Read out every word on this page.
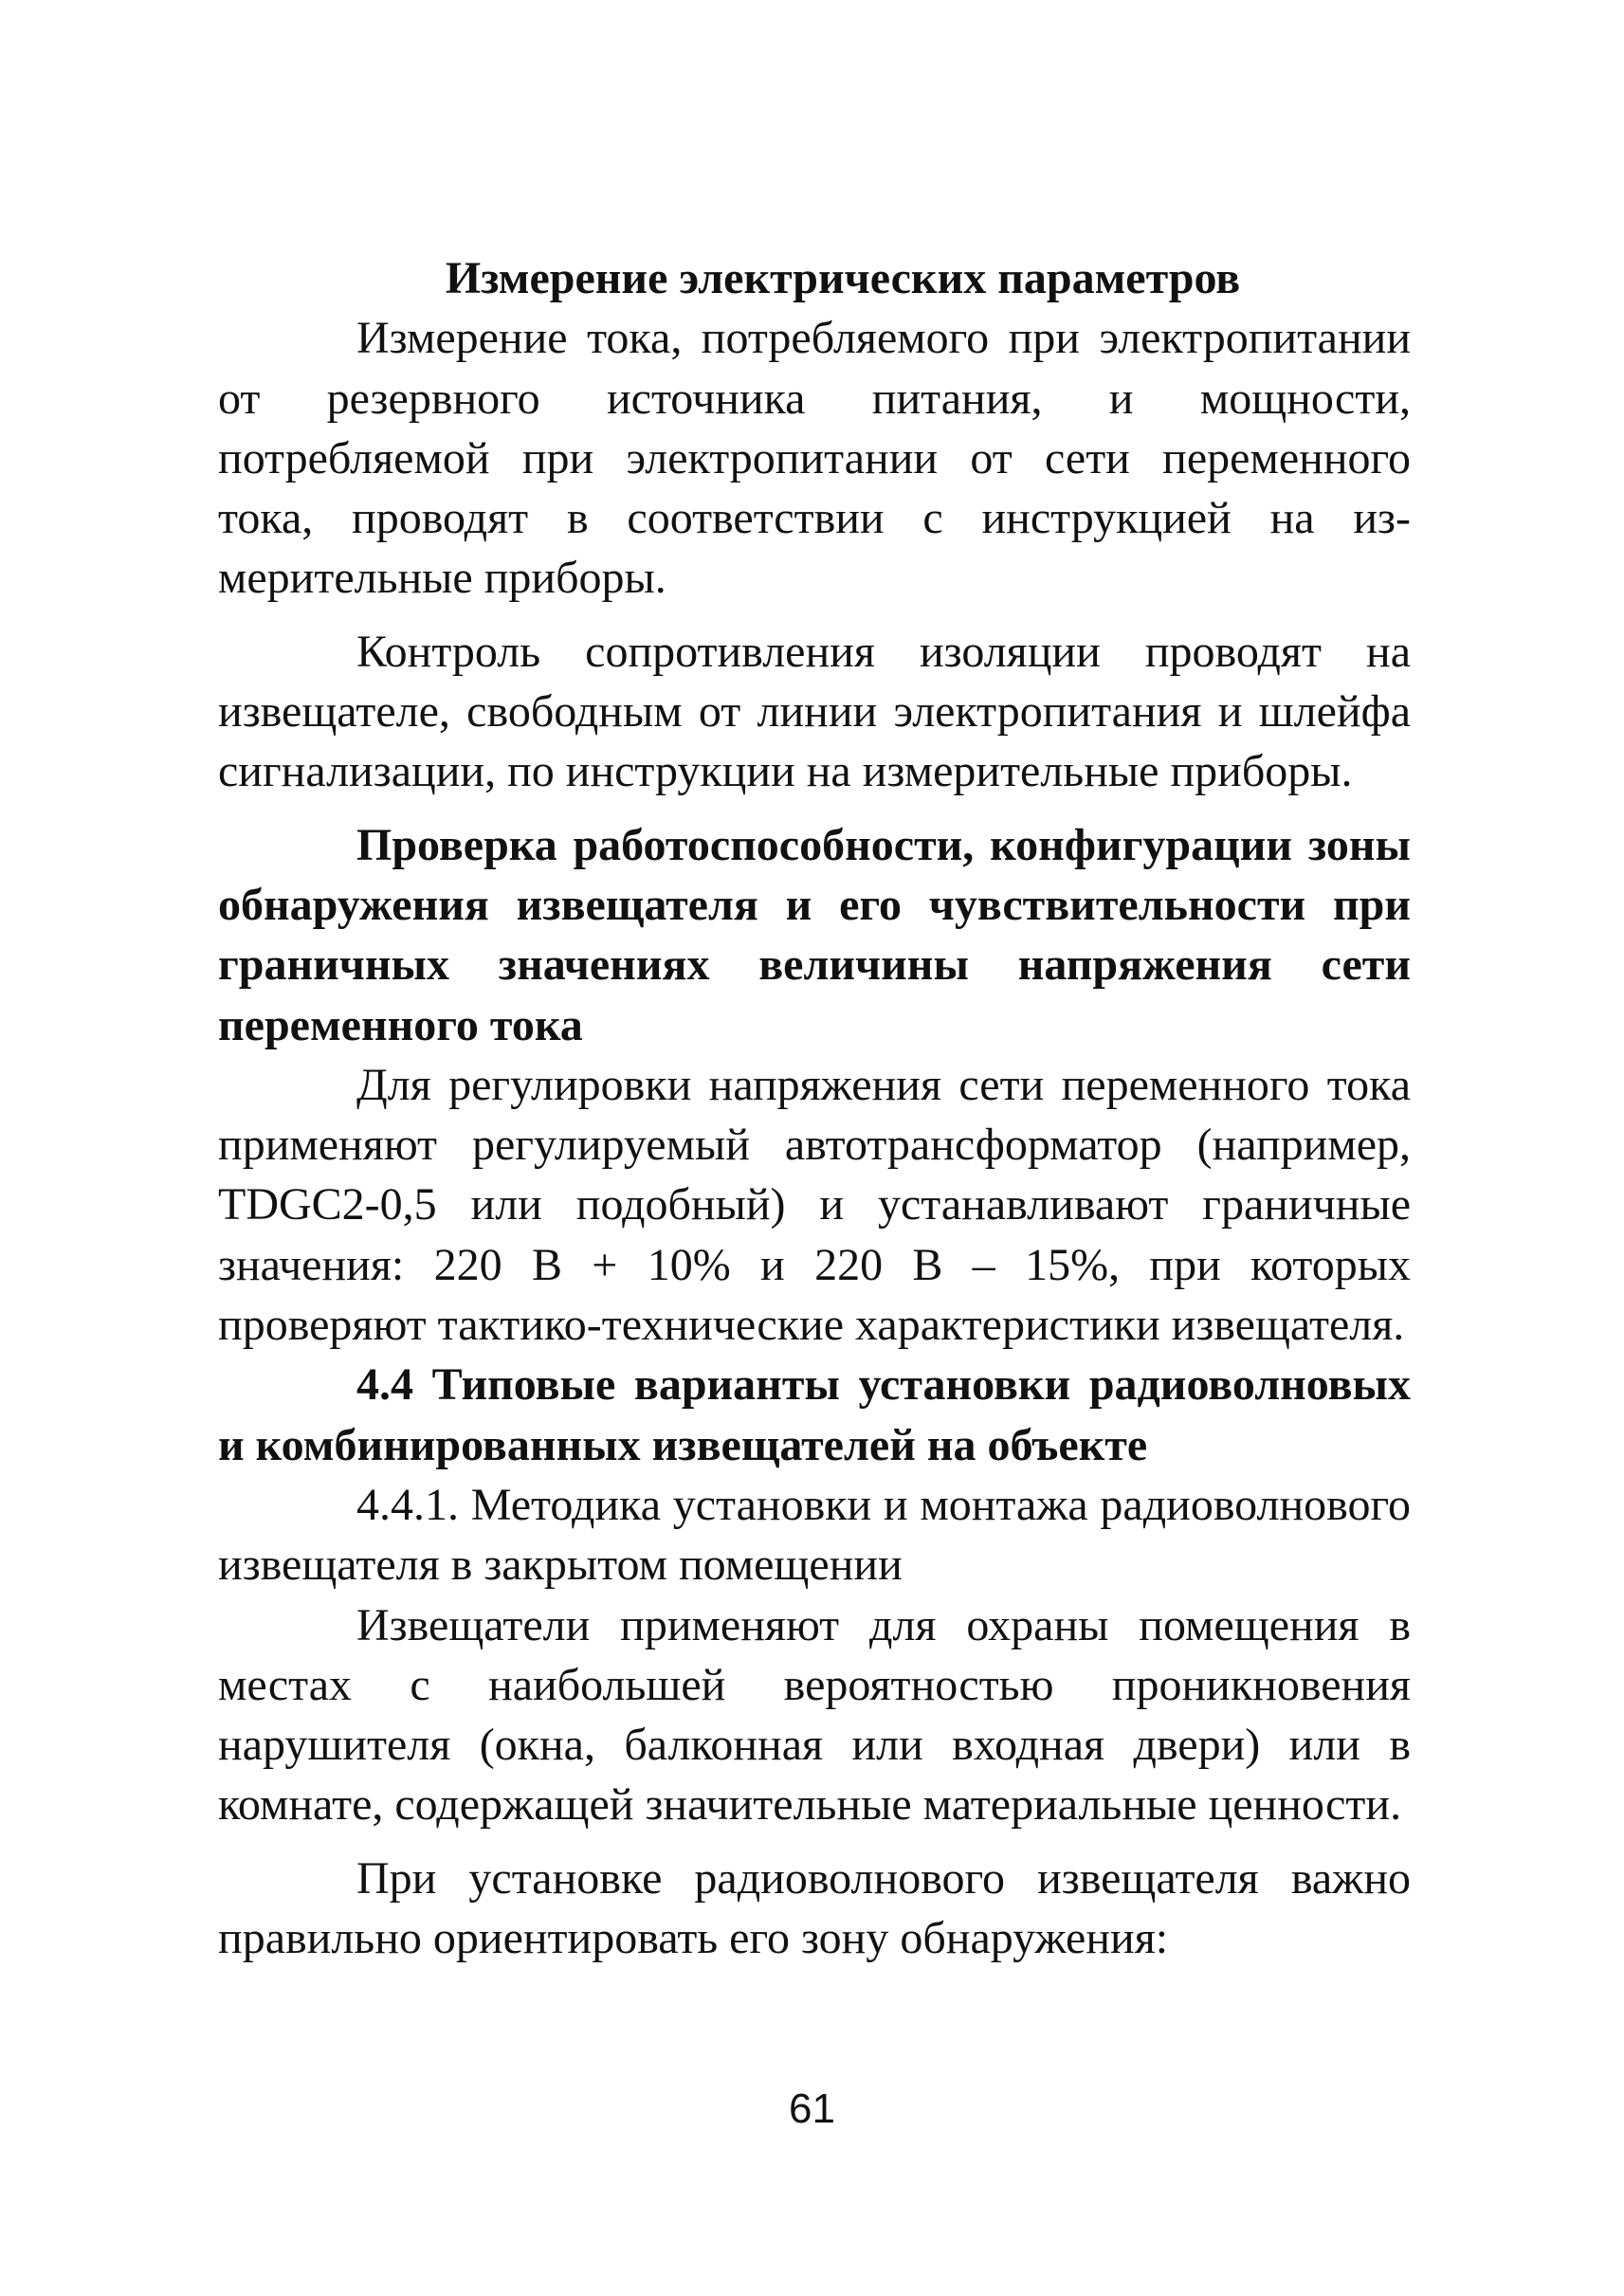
Измерение электрических параметров

Измерение тока, потребляемого при электропитании от резервного источника питания, и мощности, потребляемой при электропитании от сети переменного тока, проводят в соответствии с инструкцией на измерительные приборы.

Контроль сопротивления изоляции проводят на извещателе, свободным от линии электропитания и шлейфа сигнализации, по инструкции на измерительные приборы.

Проверка работоспособности, конфигурации зоны обнаружения извещателя и его чувствительности при граничных значениях величины напряжения сети переменного тока

Для регулировки напряжения сети переменного тока применяют регулируемый автотрансформатор (например, TDGC2-0,5 или подобный) и устанавливают граничные значения: 220 В + 10% и 220 В – 15%, при которых проверяют тактико-технические характеристики извещателя.

4.4 Типовые варианты установки радиоволновых и комбинированных извещателей на объекте

4.4.1. Методика установки и монтажа радиоволнового извещателя в закрытом помещении

Извещатели применяют для охраны помещения в местах с наибольшей вероятностью проникновения нарушителя (окна, балконная или входная двери) или в комнате, содержащей значительные материальные ценности.

При установке радиоволнового извещателя важно правильно ориентировать его зону обнаружения:

61
